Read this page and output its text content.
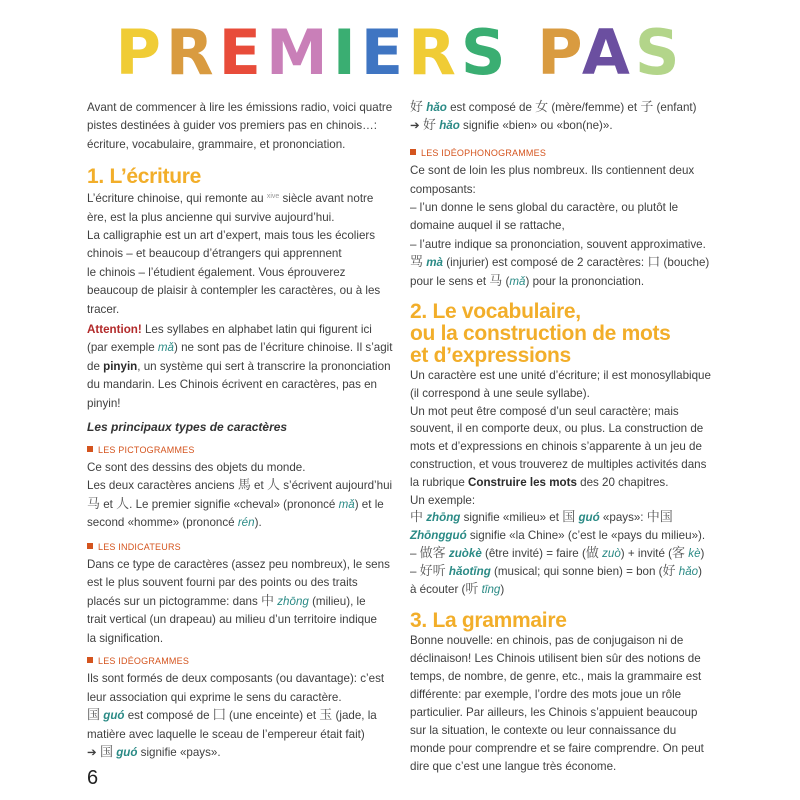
PREMIERS PAS
Avant de commencer à lire les émissions radio, voici quatre
pistes destinées à guider vos premiers pas en chinois…:
écriture, vocabulaire, grammaire, et prononciation.
1. L’écriture
L’écriture chinoise, qui remonte au $^{xive}$ siècle avant notre
ère, est la plus ancienne qui survive aujourd’hui.
La calligraphie est un art d’expert, mais tous les écoliers
chinois – et beaucoup d’étrangers qui apprennent
le chinois – l’étudient également. Vous éprouverez
beaucoup de plaisir à contempler les caractères, ou à les
tracer.
Attention! Les syllabes en alphabet latin qui figurent ici
(par exemple mǎ) ne sont pas de l’écriture chinoise. Il s’agit
de pinyin, un système qui sert à transcrire la prononciation
du mandarin. Les Chinois écrivent en caractères, pas en
pinyin!
Les principaux types de caractères
LES PICTOGRAMMES
Ce sont des dessins des objets du monde.
Les deux caractères anciens 馬 et 人 s’écrivent aujourd’hui
马 et 人. Le premier signifie «cheval» (prononcé mǎ) et le
second «homme» (prononcé rén).
LES INDICATEURS
Dans ce type de caractères (assez peu nombreux), le sens
est le plus souvent fourni par des points ou des traits
placés sur un pictogramme: dans 中 zhōng (milieu), le
trait vertical (un drapeau) au milieu d’un territoire indique
la signification.
LES IDÉOGRAMMES
Ils sont formés de deux composants (ou davantage): c’est
leur association qui exprime le sens du caractère.
国 guó est composé de 囗 (une enceinte) et 玉 (jade, la
matière avec laquelle le sceau de l’empereur était fait)
➔ 国 guó signifie «pays».
6
好 hǎo est composé de 女 (mère/femme) et 子 (enfant)
➔ 好 hǎo signifie «bien» ou «bon(ne)».
LES IDÉOPHONOGRAMMES
Ce sont de loin les plus nombreux. Ils contiennent deux
composants:
– l’un donne le sens global du caractère, ou plutôt le
domaine auquel il se rattache,
– l’autre indique sa prononciation, souvent approximative.
骂 mà (injurier) est composé de 2 caractères: 口 (bouche)
pour le sens et 马 (mǎ) pour la prononciation.
2. Le vocabulaire,
ou la construction de mots
et d’expressions
Un caractère est une unité d’écriture; il est monosyllabique
(il correspond à une seule syllabe).
Un mot peut être composé d’un seul caractère; mais
souvent, il en comporte deux, ou plus. La construction de
mots et d’expressions en chinois s’apparente à un jeu de
construction, et vous trouverez de multiples activités dans
la rubrique Construire les mots des 20 chapitres.
Un exemple:
中 zhōng signifie «milieu» et 国 guó «pays»: 中国
Zhōngguó signifie «la Chine» (c’est le «pays du milieu»).
– 做客 zuòkè (être invité) = faire (做 zuò) + invité (客 kè)
– 好听 hǎotīng (musical; qui sonne bien) = bon (好 hǎo)
à écouter (听 tīng)
3. La grammaire
Bonne nouvelle: en chinois, pas de conjugaison ni de
déclinaison! Les Chinois utilisent bien sûr des notions de
temps, de nombre, de genre, etc., mais la grammaire est
différente: par exemple, l’ordre des mots joue un rôle
particulier. Par ailleurs, les Chinois s’appuient beaucoup
sur la situation, le contexte ou leur connaissance du
monde pour comprendre et se faire comprendre. On peut
dire que c’est une langue très économe.
